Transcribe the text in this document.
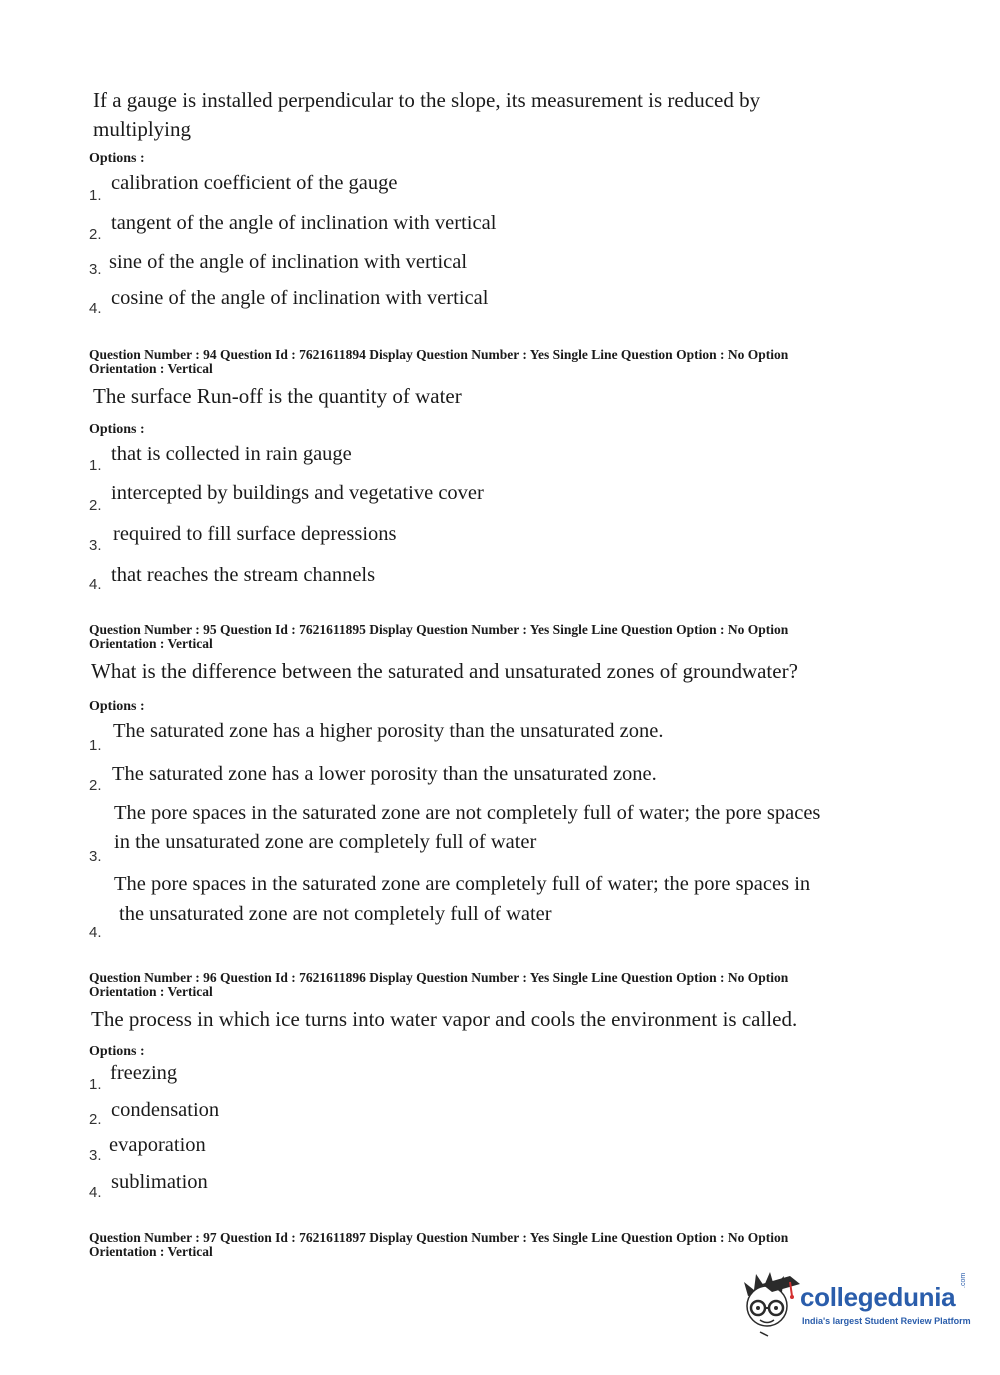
If a gauge is installed perpendicular to the slope, its measurement is reduced by
multiplying
Options :
1.
calibration coefficient of the gauge
2.
tangent of the angle of inclination with vertical
3. sine of the angle of inclination with vertical
4. cosine of the angle of inclination with vertical
Question Number : 94 Question Id : 7621611894 Display Question Number : Yes Single Line Question Option : No Option
Orientation : Vertical
The surface Run-off is the quantity of water
Options :
1.
that is collected in rain gauge
2.
intercepted by buildings and vegetative cover
3.
required to fill surface depressions
4. that reaches the stream channels
Question Number : 95 Question Id : 7621611895 Display Question Number : Yes Single Line Question Option : No Option
Orientation : Vertical
What is the difference between the saturated and unsaturated zones of groundwater?
Options :
1.
The saturated zone has a higher porosity than the unsaturated zone.
2.
The saturated zone has a lower porosity than the unsaturated zone.
3.
The pore spaces in the saturated zone are not completely full of water; the pore spaces
in the unsaturated zone are completely full of water
4.
The pore spaces in the saturated zone are completely full of water; the pore spaces in
the unsaturated zone are not completely full of water
Question Number : 96 Question Id : 7621611896 Display Question Number : Yes Single Line Question Option : No Option
Orientation : Vertical
The process in which ice turns into water vapor and cools the environment is called.
Options :
1.
freezing
2. condensation
3. evaporation
4. sublimation
Question Number : 97 Question Id : 7621611897 Display Question Number : Yes Single Line Question Option : No Option
Orientation : Vertical
collegedunia
.com
India's largest Student Review Platform
